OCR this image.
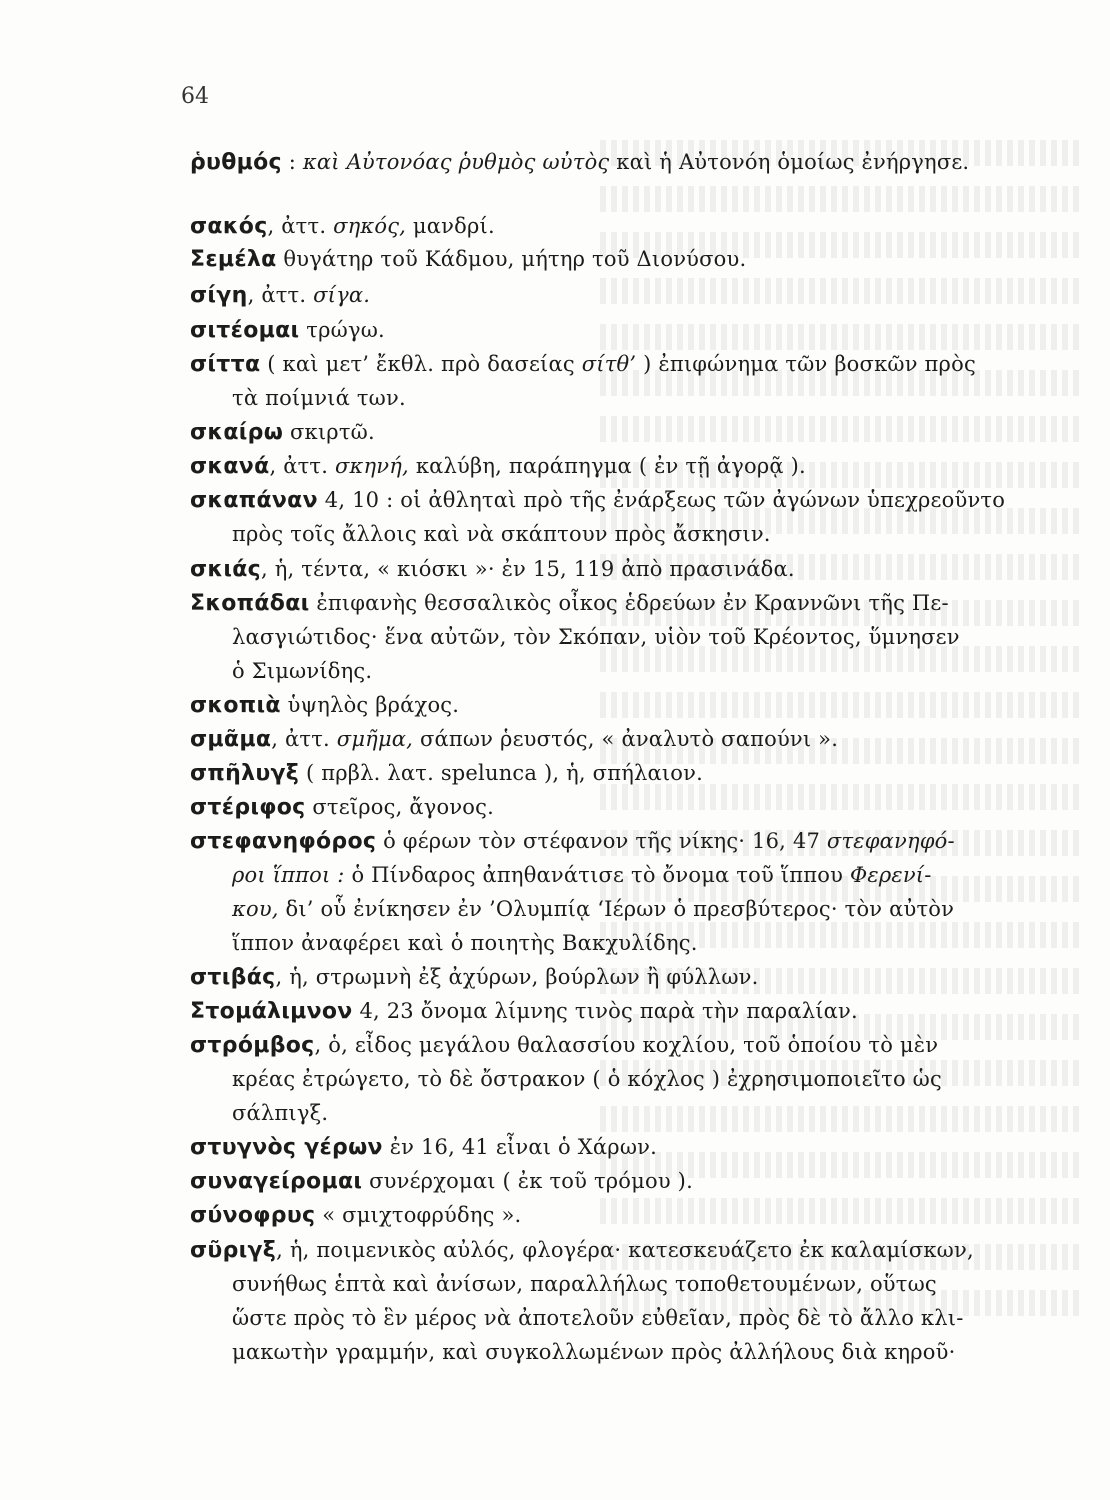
64
ῥυθμός : καὶ Αὐτονόας ῥυθμὸς ωὐτὸς καὶ ἡ Αὐτονόη ὁμοίως ἐνήργησε.
σακός, ἀττ. σηκός, μανδρί.
Σεμέλα θυγάτηρ τοῦ Κάδμου, μήτηρ τοῦ Διονύσου.
σίγη, ἀττ. σίγα.
σιτέομαι τρώγω.
σίττα ( καὶ μετ’ ἔκθλ. πρὸ δασείας σίτθ’ ) ἐπιφώνημα τῶν βοσκῶν πρὸς
τὰ ποίμνιά των.
σκαίρω σκιρτῶ.
σκανά, ἀττ. σκηνή, καλύβη, παράπηγμα ( ἐν τῇ ἀγορᾷ ).
σκαπάναν 4, 10 : οἱ ἀθληταὶ πρὸ τῆς ἐνάρξεως τῶν ἀγώνων ὑπεχρεοῦντο
πρὸς τοῖς ἄλλοις καὶ νὰ σκάπτουν πρὸς ἄσκησιν.
σκιάς, ἡ, τέντα, « κιόσκι »· ἐν 15, 119 ἀπὸ πρασινάδα.
Σκοπάδαι ἐπιφανὴς θεσσαλικὸς οἶκος ἑδρεύων ἐν Κραννῶνι τῆς Πε-
λασγιώτιδος· ἕνα αὐτῶν, τὸν Σκόπαν, υἱὸν τοῦ Κρέοντος, ὕμνησεν
ὁ Σιμωνίδης.
σκοπιὰ ὑψηλὸς βράχος.
σμᾶμα, ἀττ. σμῆμα, σάπων ῥευστός, « ἀναλυτὸ σαπούνι ».
σπῆλυγξ ( πρβλ. λατ. spelunca ), ἡ, σπήλαιον.
στέριφος στεῖρος, ἄγονος.
στεφανηφόρος ὁ φέρων τὸν στέφανον τῆς νίκης· 16, 47 στεφανηφό-
ροι ἵπποι : ὁ Πίνδαρος ἀπηθανάτισε τὸ ὄνομα τοῦ ἵππου Φερενί-
κου, δι’ οὗ ἐνίκησεν ἐν ’Ολυμπίᾳ ‘Ιέρων ὁ πρεσβύτερος· τὸν αὐτὸν
ἵππον ἀναφέρει καὶ ὁ ποιητὴς Βακχυλίδης.
στιβάς, ἡ, στρωμνὴ ἐξ ἀχύρων, βούρλων ἢ φύλλων.
Στομάλιμνον 4, 23 ὄνομα λίμνης τινὸς παρὰ τὴν παραλίαν.
στρόμβος, ὁ, εἶδος μεγάλου θαλασσίου κοχλίου, τοῦ ὁποίου τὸ μὲν
κρέας ἐτρώγετο, τὸ δὲ ὄστρακον ( ὁ κόχλος ) ἐχρησιμοποιεῖτο ὡς
σάλπιγξ.
στυγνὸς γέρων ἐν 16, 41 εἶναι ὁ Χάρων.
συναγείρομαι συνέρχομαι ( ἐκ τοῦ τρόμου ).
σύνοφρυς « σμιχτοφρύδης ».
σῦριγξ, ἡ, ποιμενικὸς αὐλός, φλογέρα· κατεσκευάζετο ἐκ καλαμίσκων,
συνήθως ἑπτὰ καὶ ἀνίσων, παραλλήλως τοποθετουμένων, οὕτως
ὥστε πρὸς τὸ ἓν μέρος νὰ ἀποτελοῦν εὐθεῖαν, πρὸς δὲ τὸ ἄλλο κλι-
μακωτὴν γραμμήν, καὶ συγκολλωμένων πρὸς ἀλλήλους διὰ κηροῦ·
